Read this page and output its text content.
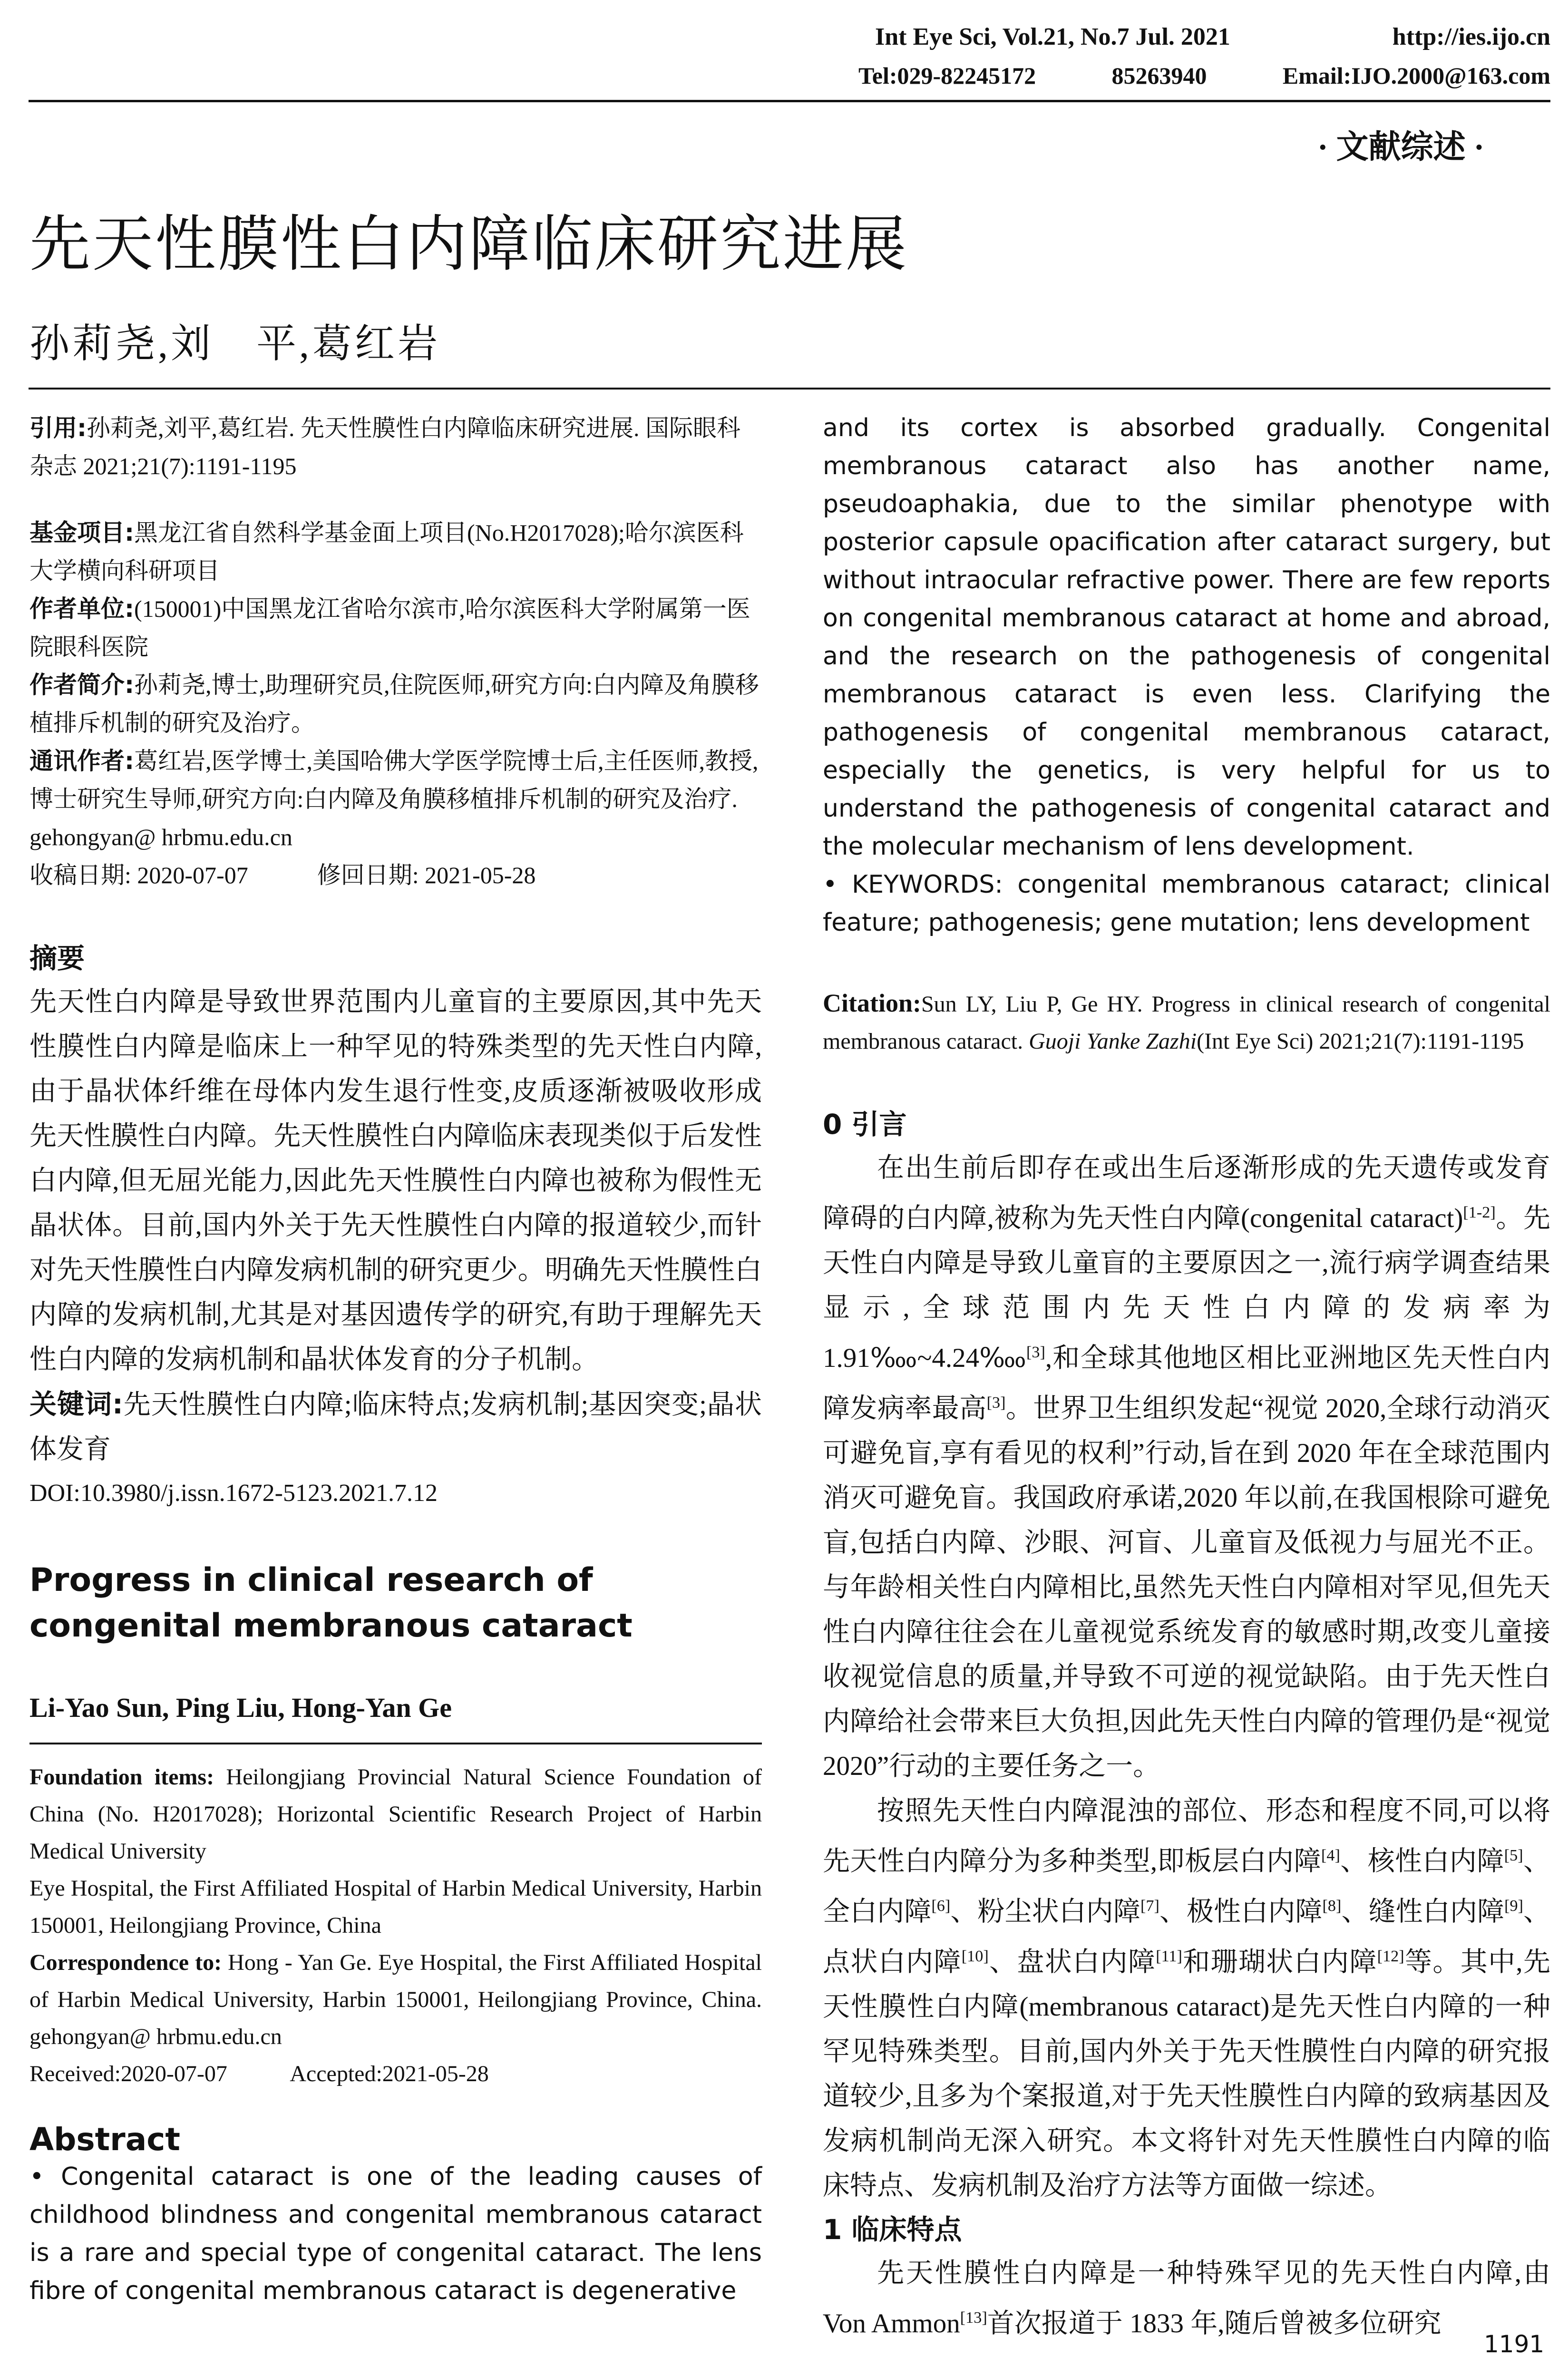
Int Eye Sci, Vol.21, No.7 Jul. 2021	http://ies.ijo.cn
Tel:029-82245172	85263940	Email:IJO.2000@163.com
· 文献综述 ·
先天性膜性白内障临床研究进展
孙莉尧,刘　平,葛红岩

引用:孙莉尧,刘平,葛红岩. 先天性膜性白内障临床研究进展. 国际眼科杂志 2021;21(7):1191-1195

基金项目:黑龙江省自然科学基金面上项目(No.H2017028);哈尔滨医科大学横向科研项目

作者单位:(150001)中国黑龙江省哈尔滨市,哈尔滨医科大学附属第一医院眼科医院

作者简介:孙莉尧,博士,助理研究员,住院医师,研究方向:白内障及角膜移植排斥机制的研究及治疗。

通讯作者:葛红岩,医学博士,美国哈佛大学医学院博士后,主任医师,教授,博士研究生导师,研究方向:白内障及角膜移植排斥机制的研究及治疗. gehongyan@ hrbmu.edu.cn

收稿日期: 2020-07-07	修回日期: 2021-05-28

摘要

先天性白内障是导致世界范围内儿童盲的主要原因,其中先天性膜性白内障是临床上一种罕见的特殊类型的先天性白内障,由于晶状体纤维在母体内发生退行性变,皮质逐渐被吸收形成先天性膜性白内障。先天性膜性白内障临床表现类似于后发性白内障,但无屈光能力,因此先天性膜性白内障也被称为假性无晶状体。目前,国内外关于先天性膜性白内障的报道较少,而针对先天性膜性白内障发病机制的研究更少。明确先天性膜性白内障的发病机制,尤其是对基因遗传学的研究,有助于理解先天性白内障的发病机制和晶状体发育的分子机制。

关键词:先天性膜性白内障;临床特点;发病机制;基因突变;晶状体发育

DOI:10.3980/j.issn.1672-5123.2021.7.12

Progress in clinical research of congenital membranous cataract

Li-Yao Sun, Ping Liu, Hong-Yan Ge

Foundation items: Heilongjiang Provincial Natural Science Foundation of China (No. H2017028); Horizontal Scientific Research Project of Harbin Medical University

Eye Hospital, the First Affiliated Hospital of Harbin Medical University, Harbin 150001, Heilongjiang Province, China

Correspondence to: Hong - Yan Ge. Eye Hospital, the First Affiliated Hospital of Harbin Medical University, Harbin 150001, Heilongjiang Province, China. gehongyan@ hrbmu.edu.cn

Received:2020-07-07	Accepted:2021-05-28

Abstract

• Congenital cataract is one of the leading causes of childhood blindness and congenital membranous cataract is a rare and special type of congenital cataract. The lens fibre of congenital membranous cataract is degenerative

and its cortex is absorbed gradually. Congenital membranous cataract also has another name, pseudoaphakia, due to the similar phenotype with posterior capsule opacification after cataract surgery, but without intraocular refractive power. There are few reports on congenital membranous cataract at home and abroad, and the research on the pathogenesis of congenital membranous cataract is even less. Clarifying the pathogenesis of congenital membranous cataract, especially the genetics, is very helpful for us to understand the pathogenesis of congenital cataract and the molecular mechanism of lens development.

• KEYWORDS: congenital membranous cataract; clinical feature; pathogenesis; gene mutation; lens development

Citation:Sun LY, Liu P, Ge HY. Progress in clinical research of congenital membranous cataract. Guoji Yanke Zazhi(Int Eye Sci) 2021;21(7):1191-1195

0 引言

在出生前后即存在或出生后逐渐形成的先天遗传或发育障碍的白内障,被称为先天性白内障(congenital cataract)[1-2]。先天性白内障是导致儿童盲的主要原因之一,流行病学调查结果显示,全球范围内先天性白内障的发病率为 1.91‱~4.24‱[3],和全球其他地区相比亚洲地区先天性白内障发病率最高[3]。世界卫生组织发起“视觉 2020,全球行动消灭可避免盲,享有看见的权利”行动,旨在到 2020 年在全球范围内消灭可避免盲。我国政府承诺,2020 年以前,在我国根除可避免盲,包括白内障、沙眼、河盲、儿童盲及低视力与屈光不正。与年龄相关性白内障相比,虽然先天性白内障相对罕见,但先天性白内障往往会在儿童视觉系统发育的敏感时期,改变儿童接收视觉信息的质量,并导致不可逆的视觉缺陷。由于先天性白内障给社会带来巨大负担,因此先天性白内障的管理仍是“视觉 2020”行动的主要任务之一。

按照先天性白内障混浊的部位、形态和程度不同,可以将先天性白内障分为多种类型,即板层白内障[4]、核性白内障[5]、全白内障[6]、粉尘状白内障[7]、极性白内障[8]、缝性白内障[9]、点状白内障[10]、盘状白内障[11]和珊瑚状白内障[12]等。其中,先天性膜性白内障(membranous cataract)是先天性白内障的一种罕见特殊类型。目前,国内外关于先天性膜性白内障的研究报道较少,且多为个案报道,对于先天性膜性白内障的致病基因及发病机制尚无深入研究。本文将针对先天性膜性白内障的临床特点、发病机制及治疗方法等方面做一综述。

1 临床特点

先天性膜性白内障是一种特殊罕见的先天性白内障,由 Von Ammon[13]首次报道于 1833 年,随后曾被多位研究

1191
